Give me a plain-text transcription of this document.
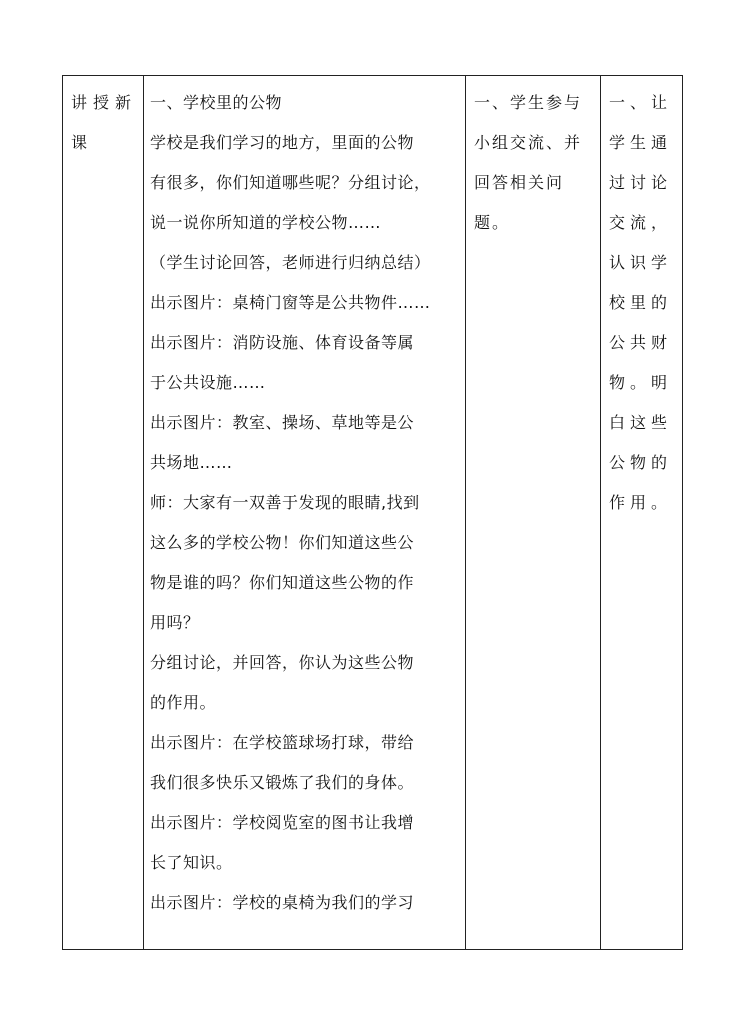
讲授新课

一、学校里的公物
学校是我们学习的地方，里面的公物
有很多，你们知道哪些呢？分组讨论，
说一说你所知道的学校公物……
（学生讨论回答，老师进行归纳总结）
出示图片：桌椅门窗等是公共物件……
出示图片：消防设施、体育设备等属
于公共设施……
出示图片：教室、操场、草地等是公
共场地……
师：大家有一双善于发现的眼睛,找到
这么多的学校公物！你们知道这些公
物是谁的吗？你们知道这些公物的作
用吗？
分组讨论，并回答，你认为这些公物
的作用。
出示图片：在学校篮球场打球，带给
我们很多快乐又锻炼了我们的身体。
出示图片：学校阅览室的图书让我增
长了知识。
出示图片：学校的桌椅为我们的学习

一、学生参与小组交流、并回答相关问题。

一、让学生通过讨论交流，认识学校里的公共财物。明白这些公物的作用。
